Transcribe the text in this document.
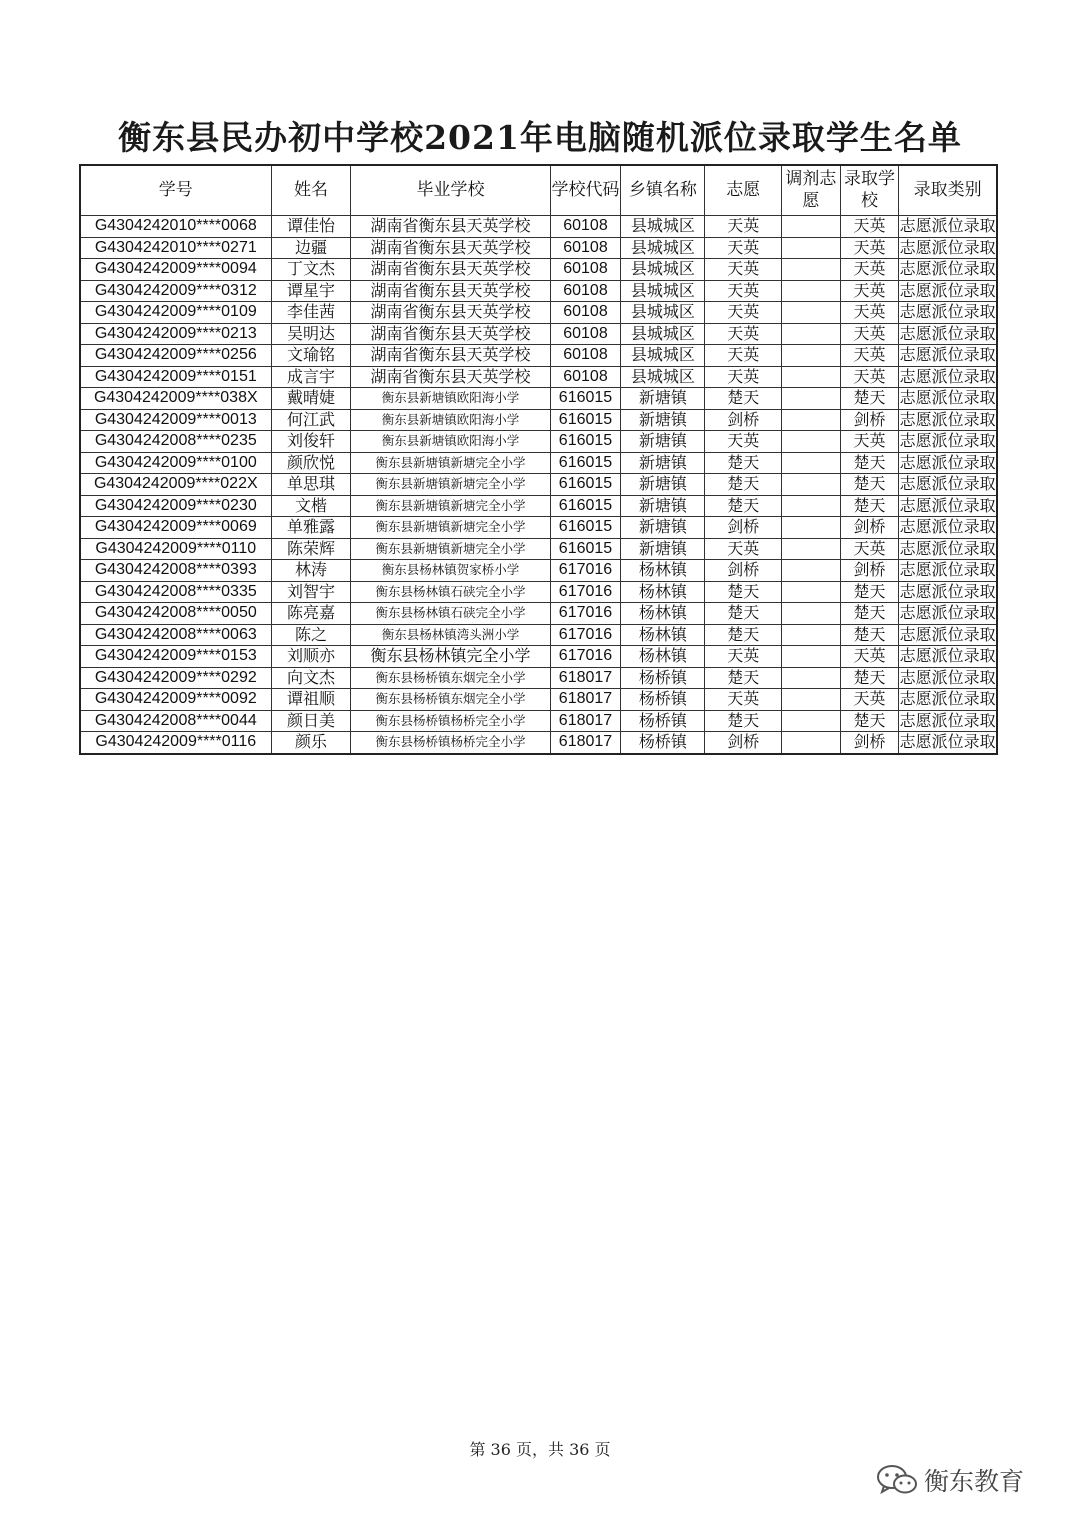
衡东县民办初中学校2021年电脑随机派位录取学生名单
学号	姓名	毕业学校	学校代码	乡镇名称	志愿	调剂志愿	录取学校	录取类别
G4304242010****0068	谭佳怡	湖南省衡东县天英学校	60108	县城城区	天英		天英	志愿派位录取
G4304242010****0271	边疆	湖南省衡东县天英学校	60108	县城城区	天英		天英	志愿派位录取
G4304242009****0094	丁文杰	湖南省衡东县天英学校	60108	县城城区	天英		天英	志愿派位录取
G4304242009****0312	谭星宇	湖南省衡东县天英学校	60108	县城城区	天英		天英	志愿派位录取
G4304242009****0109	李佳茜	湖南省衡东县天英学校	60108	县城城区	天英		天英	志愿派位录取
G4304242009****0213	吴明达	湖南省衡东县天英学校	60108	县城城区	天英		天英	志愿派位录取
G4304242009****0256	文瑜铭	湖南省衡东县天英学校	60108	县城城区	天英		天英	志愿派位录取
G4304242009****0151	成言宇	湖南省衡东县天英学校	60108	县城城区	天英		天英	志愿派位录取
G4304242009****038X	戴晴婕	衡东县新塘镇欧阳海小学	616015	新塘镇	楚天		楚天	志愿派位录取
G4304242009****0013	何江武	衡东县新塘镇欧阳海小学	616015	新塘镇	剑桥		剑桥	志愿派位录取
G4304242008****0235	刘俊轩	衡东县新塘镇欧阳海小学	616015	新塘镇	天英		天英	志愿派位录取
G4304242009****0100	颜欣悦	衡东县新塘镇新塘完全小学	616015	新塘镇	楚天		楚天	志愿派位录取
G4304242009****022X	单思琪	衡东县新塘镇新塘完全小学	616015	新塘镇	楚天		楚天	志愿派位录取
G4304242009****0230	文楷	衡东县新塘镇新塘完全小学	616015	新塘镇	楚天		楚天	志愿派位录取
G4304242009****0069	单雅露	衡东县新塘镇新塘完全小学	616015	新塘镇	剑桥		剑桥	志愿派位录取
G4304242009****0110	陈荣辉	衡东县新塘镇新塘完全小学	616015	新塘镇	天英		天英	志愿派位录取
G4304242008****0393	林涛	衡东县杨林镇贺家桥小学	617016	杨林镇	剑桥		剑桥	志愿派位录取
G4304242008****0335	刘智宇	衡东县杨林镇石硖完全小学	617016	杨林镇	楚天		楚天	志愿派位录取
G4304242008****0050	陈亮嘉	衡东县杨林镇石硖完全小学	617016	杨林镇	楚天		楚天	志愿派位录取
G4304242008****0063	陈之	衡东县杨林镇湾头洲小学	617016	杨林镇	楚天		楚天	志愿派位录取
G4304242009****0153	刘顺亦	衡东县杨林镇完全小学	617016	杨林镇	天英		天英	志愿派位录取
G4304242009****0292	向文杰	衡东县杨桥镇东烟完全小学	618017	杨桥镇	楚天		楚天	志愿派位录取
G4304242009****0092	谭祖顺	衡东县杨桥镇东烟完全小学	618017	杨桥镇	天英		天英	志愿派位录取
G4304242008****0044	颜日美	衡东县杨桥镇杨桥完全小学	618017	杨桥镇	楚天		楚天	志愿派位录取
G4304242009****0116	颜乐	衡东县杨桥镇杨桥完全小学	618017	杨桥镇	剑桥		剑桥	志愿派位录取
第 36 页，共 36 页
衡东教育
